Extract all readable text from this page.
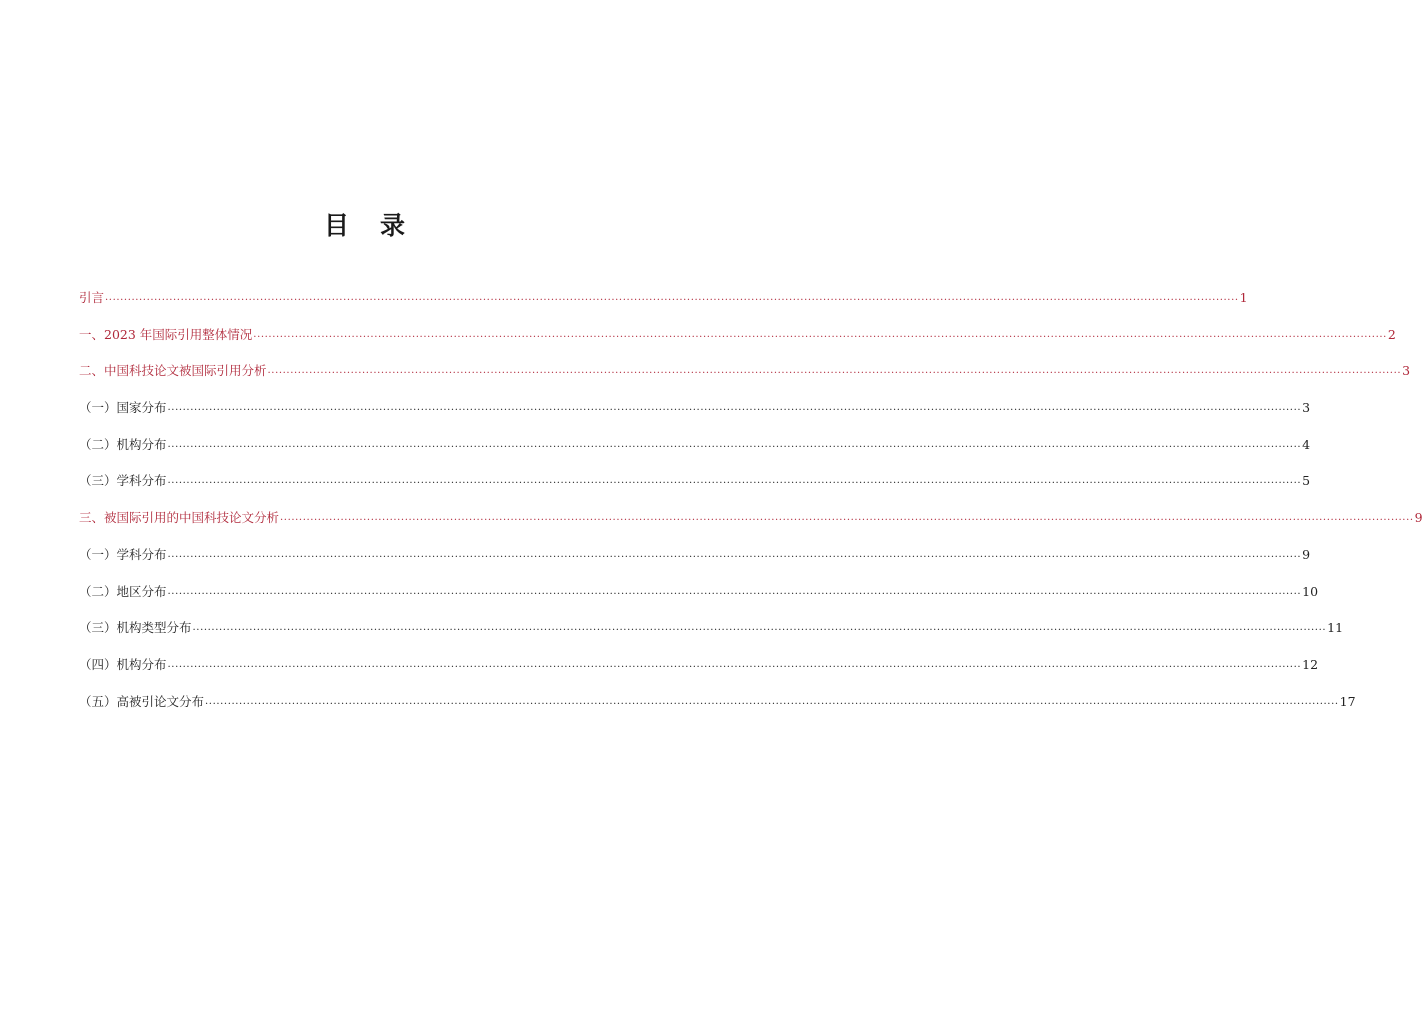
目 录
引言 ............................................................................................................................................................................................................................................................................................................ 1
一、2023 年国际引用整体情况 ............................................................................................................................................................................................................................................................................................................ 2
二、中国科技论文被国际引用分析 ............................................................................................................................................................................................................................................................................................................ 3
（一）国家分布 ............................................................................................................................................................................................................................................................................................................ 3
（二）机构分布 ............................................................................................................................................................................................................................................................................................................ 4
（三）学科分布 ............................................................................................................................................................................................................................................................................................................ 5
三、被国际引用的中国科技论文分析 ............................................................................................................................................................................................................................................................................................................ 9
（一）学科分布 ............................................................................................................................................................................................................................................................................................................ 9
（二）地区分布 ............................................................................................................................................................................................................................................................................................................ 10
（三）机构类型分布 ............................................................................................................................................................................................................................................................................................................ 11
（四）机构分布 ............................................................................................................................................................................................................................................................................................................ 12
（五）高被引论文分布 ............................................................................................................................................................................................................................................................................................................ 17
